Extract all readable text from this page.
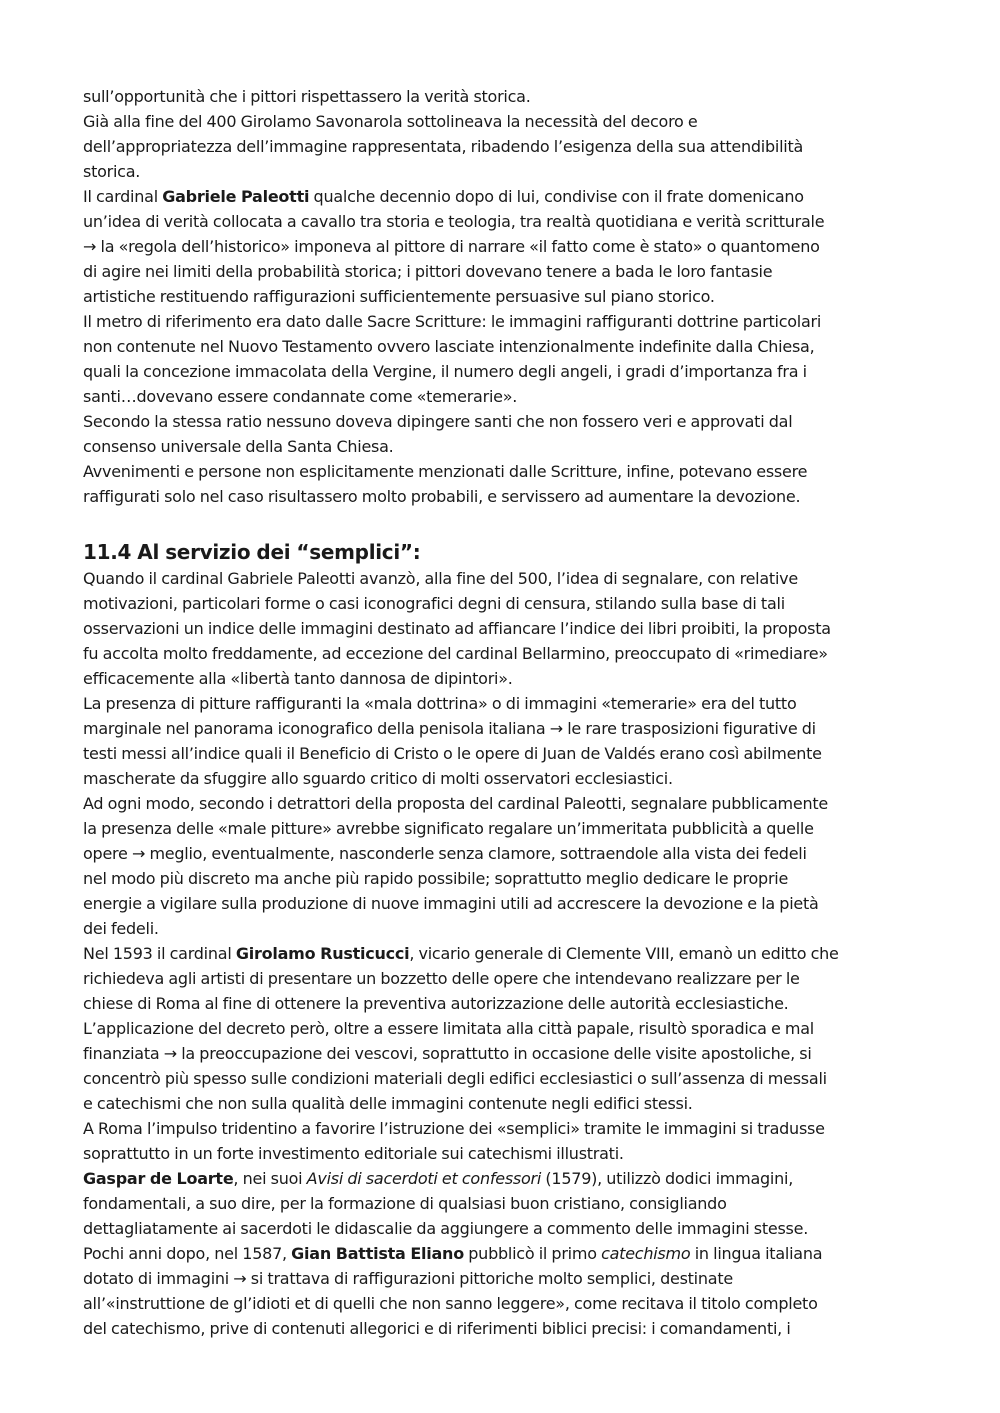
sull’opportunità che i pittori rispettassero la verità storica.
Già alla fine del 400 Girolamo Savonarola sottolineava la necessità del decoro e
dell’appropriatezza dell’immagine rappresentata, ribadendo l’esigenza della sua attendibilità
storica.
Il cardinal Gabriele Paleotti qualche decennio dopo di lui, condivise con il frate domenicano
un’idea di verità collocata a cavallo tra storia e teologia, tra realtà quotidiana e verità scritturale
→ la «regola dell’historico» imponeva al pittore di narrare «il fatto come è stato» o quantomeno
di agire nei limiti della probabilità storica; i pittori dovevano tenere a bada le loro fantasie
artistiche restituendo raffigurazioni sufficientemente persuasive sul piano storico.
Il metro di riferimento era dato dalle Sacre Scritture: le immagini raffiguranti dottrine particolari
non contenute nel Nuovo Testamento ovvero lasciate intenzionalmente indefinite dalla Chiesa,
quali la concezione immacolata della Vergine, il numero degli angeli, i gradi d’importanza fra i
santi…dovevano essere condannate come «temerarie».
Secondo la stessa ratio nessuno doveva dipingere santi che non fossero veri e approvati dal
consenso universale della Santa Chiesa.
Avvenimenti e persone non esplicitamente menzionati dalle Scritture, infine, potevano essere
raffigurati solo nel caso risultassero molto probabili, e servissero ad aumentare la devozione.
11.4 Al servizio dei “semplici”:
Quando il cardinal Gabriele Paleotti avanzò, alla fine del 500, l’idea di segnalare, con relative
motivazioni, particolari forme o casi iconografici degni di censura, stilando sulla base di tali
osservazioni un indice delle immagini destinato ad affiancare l’indice dei libri proibiti, la proposta
fu accolta molto freddamente, ad eccezione del cardinal Bellarmino, preoccupato di «rimediare»
efficacemente alla «libertà tanto dannosa de dipintori».
La presenza di pitture raffiguranti la «mala dottrina» o di immagini «temerarie» era del tutto
marginale nel panorama iconografico della penisola italiana → le rare trasposizioni figurative di
testi messi all’indice quali il Beneficio di Cristo o le opere di Juan de Valdés erano così abilmente
mascherate da sfuggire allo sguardo critico di molti osservatori ecclesiastici.
Ad ogni modo, secondo i detrattori della proposta del cardinal Paleotti, segnalare pubblicamente
la presenza delle «male pitture» avrebbe significato regalare un’immeritata pubblicità a quelle
opere → meglio, eventualmente, nasconderle senza clamore, sottraendole alla vista dei fedeli
nel modo più discreto ma anche più rapido possibile; soprattutto meglio dedicare le proprie
energie a vigilare sulla produzione di nuove immagini utili ad accrescere la devozione e la pietà
dei fedeli.
Nel 1593 il cardinal Girolamo Rusticucci, vicario generale di Clemente VIII, emanò un editto che
richiedeva agli artisti di presentare un bozzetto delle opere che intendevano realizzare per le
chiese di Roma al fine di ottenere la preventiva autorizzazione delle autorità ecclesiastiche.
L’applicazione del decreto però, oltre a essere limitata alla città papale, risultò sporadica e mal
finanziata → la preoccupazione dei vescovi, soprattutto in occasione delle visite apostoliche, si
concentrò più spesso sulle condizioni materiali degli edifici ecclesiastici o sull’assenza di messali
e catechismi che non sulla qualità delle immagini contenute negli edifici stessi.
A Roma l’impulso tridentino a favorire l’istruzione dei «semplici» tramite le immagini si tradusse
soprattutto in un forte investimento editoriale sui catechismi illustrati.
Gaspar de Loarte, nei suoi Avisi di sacerdoti et confessori (1579), utilizzò dodici immagini,
fondamentali, a suo dire, per la formazione di qualsiasi buon cristiano, consigliando
dettagliatamente ai sacerdoti le didascalie da aggiungere a commento delle immagini stesse.
Pochi anni dopo, nel 1587, Gian Battista Eliano pubblicò il primo catechismo in lingua italiana
dotato di immagini → si trattava di raffigurazioni pittoriche molto semplici, destinate
all’«instruttione de gl’idioti et di quelli che non sanno leggere», come recitava il titolo completo
del catechismo, prive di contenuti allegorici e di riferimenti biblici precisi: i comandamenti, i
